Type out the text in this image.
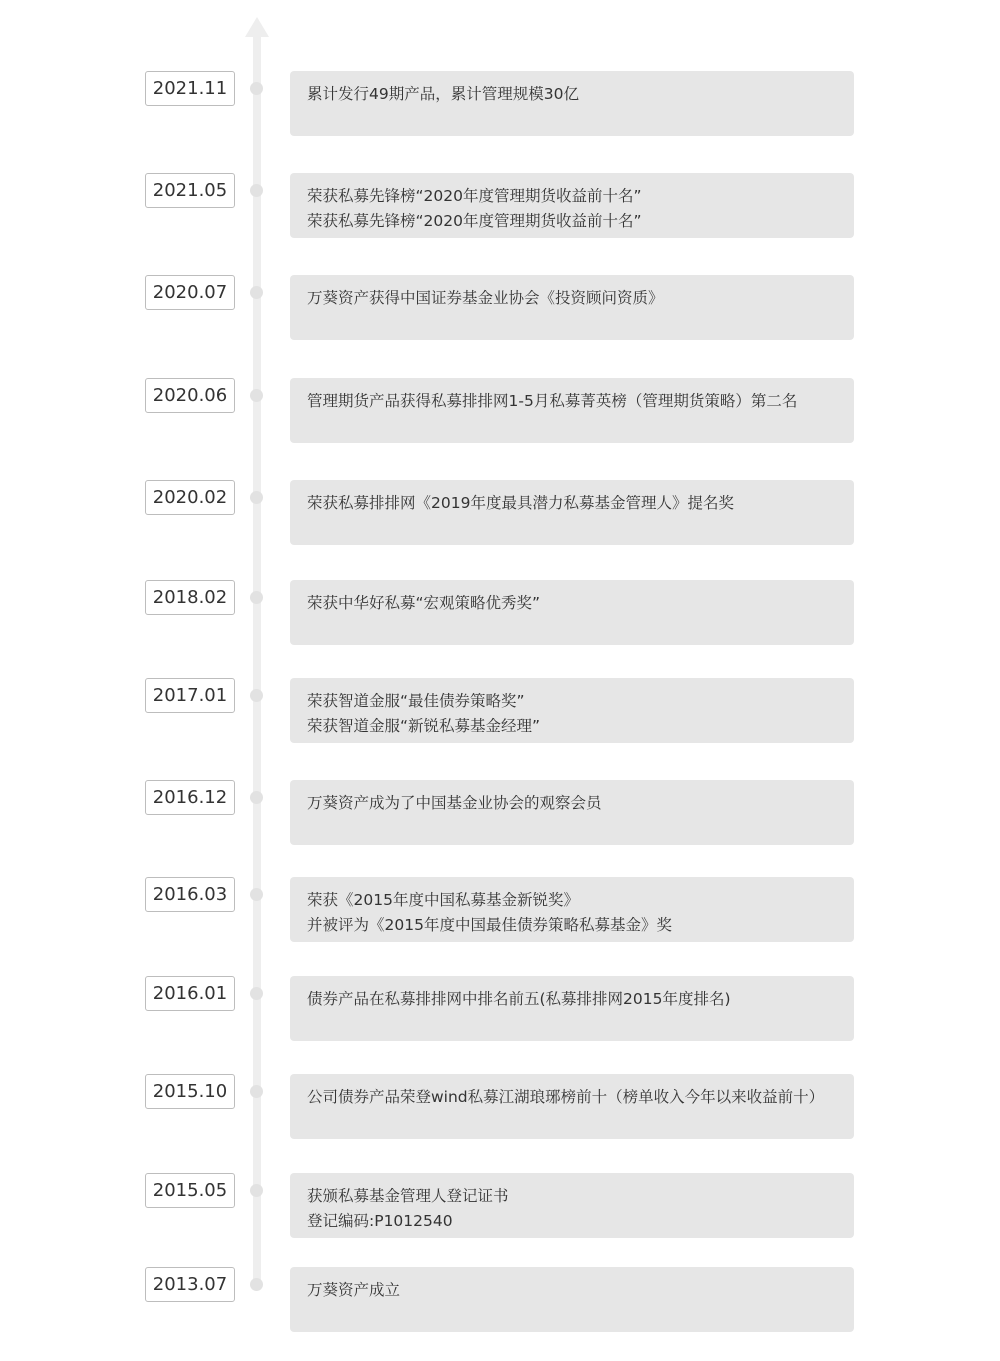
2021.11	累计发行49期产品，累计管理规模30亿
2021.05	荣获私募先锋榜“2020年度管理期货收益前十名”
荣获私募先锋榜“2020年度管理期货收益前十名”
2020.07	万葵资产获得中国证券基金业协会《投资顾问资质》
2020.06	管理期货产品获得私募排排网1-5月私募菁英榜（管理期货策略）第二名
2020.02	荣获私募排排网《2019年度最具潜力私募基金管理人》提名奖
2018.02	荣获中华好私募“宏观策略优秀奖”
2017.01	荣获智道金服“最佳债券策略奖”
荣获智道金服“新锐私募基金经理”
2016.12	万葵资产成为了中国基金业协会的观察会员
2016.03	荣获《2015年度中国私募基金新锐奖》
并被评为《2015年度中国最佳债券策略私募基金》奖
2016.01	债券产品在私募排排网中排名前五(私募排排网2015年度排名)
2015.10	公司债券产品荣登wind私募江湖琅琊榜前十（榜单收入今年以来收益前十）
2015.05	获颁私募基金管理人登记证书
登记编码:P1012540
2013.07	万葵资产成立
